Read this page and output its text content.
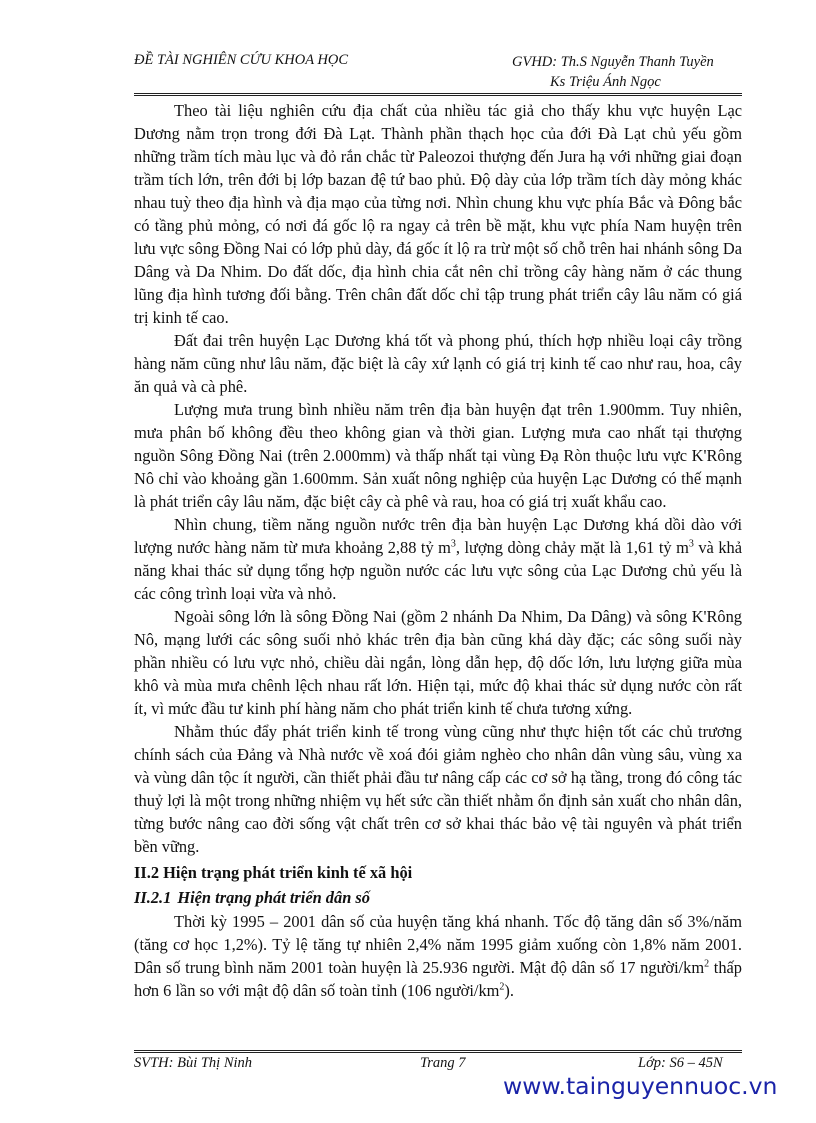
ĐỀ TÀI NGHIÊN CỨU KHOA HỌC	GVHD: Th.S Nguyễn Thanh Tuyền
Ks Triệu Ánh Ngọc

Theo tài liệu nghiên cứu địa chất của nhiều tác giả cho thấy khu vực huyện Lạc Dương nằm trọn trong đới Đà Lạt. Thành phần thạch học của đới Đà Lạt chủ yếu gồm những trầm tích màu lục và đỏ rắn chắc từ Paleozoi thượng đến Jura hạ với những giai đoạn trầm tích lớn, trên đới bị lớp bazan đệ tứ bao phủ. Độ dày của lớp trầm tích dày mỏng khác nhau tuỳ theo địa hình và địa mạo của từng nơi. Nhìn chung khu vực phía Bắc và Đông bắc có tầng phủ mỏng, có nơi đá gốc lộ ra ngay cả trên bề mặt, khu vực phía Nam huyện trên lưu vực sông Đồng Nai có lớp phủ dày, đá gốc ít lộ ra trừ một số chỗ trên hai nhánh sông Da Dâng và Da Nhim. Do đất dốc, địa hình chia cắt nên chỉ trồng cây hàng năm ở các thung lũng địa hình tương đối bằng. Trên chân đất dốc chỉ tập trung phát triển cây lâu năm có giá trị kinh tế cao.

Đất đai trên huyện Lạc Dương khá tốt và phong phú, thích hợp nhiều loại cây trồng hàng năm cũng như lâu năm, đặc biệt là cây xứ lạnh có giá trị kinh tế cao như rau, hoa, cây ăn quả và cà phê.

Lượng mưa trung bình nhiều năm trên địa bàn huyện đạt trên 1.900mm. Tuy nhiên, mưa phân bố không đều theo không gian và thời gian. Lượng mưa cao nhất tại thượng nguồn Sông Đồng Nai (trên 2.000mm) và thấp nhất tại vùng Đạ Ròn thuộc lưu vực K'Rông Nô chỉ vào khoảng gần 1.600mm. Sản xuất nông nghiệp của huyện Lạc Dương có thế mạnh là phát triển cây lâu năm, đặc biệt cây cà phê và rau, hoa có giá trị xuất khẩu cao.

Nhìn chung, tiềm năng nguồn nước trên địa bàn huyện Lạc Dương khá dồi dào với lượng nước hàng năm từ mưa khoảng 2,88 tỷ $m^3$, lượng dòng chảy mặt là 1,61 tỷ $m^3$ và khả năng khai thác sử dụng tổng hợp nguồn nước các lưu vực sông của Lạc Dương chủ yếu là các công trình loại vừa và nhỏ.

Ngoài sông lớn là sông Đồng Nai (gồm 2 nhánh Da Nhim, Da Dâng) và sông K'Rông Nô, mạng lưới các sông suối nhỏ khác trên địa bàn cũng khá dày đặc; các sông suối này phần nhiều có lưu vực nhỏ, chiều dài ngắn, lòng dẫn hẹp, độ dốc lớn, lưu lượng giữa mùa khô và mùa mưa chênh lệch nhau rất lớn. Hiện tại, mức độ khai thác sử dụng nước còn rất ít, vì mức đầu tư kinh phí hàng năm cho phát triển kinh tế chưa tương xứng.

Nhằm thúc đẩy phát triển kinh tế trong vùng cũng như thực hiện tốt các chủ trương chính sách của Đảng và Nhà nước về xoá đói giảm nghèo cho nhân dân vùng sâu, vùng xa và vùng dân tộc ít người, cần thiết phải đầu tư nâng cấp các cơ sở hạ tầng, trong đó công tác thuỷ lợi là một trong những nhiệm vụ hết sức cần thiết nhằm ổn định sản xuất cho nhân dân, từng bước nâng cao đời sống vật chất trên cơ sở khai thác bảo vệ tài nguyên và phát triển bền vững.

II.2 Hiện trạng phát triển kinh tế xã hội
II.2.1 Hiện trạng phát triển dân số

Thời kỳ 1995 – 2001 dân số của huyện tăng khá nhanh. Tốc độ tăng dân số 3%/năm (tăng cơ học 1,2%). Tỷ lệ tăng tự nhiên 2,4% năm 1995 giảm xuống còn 1,8% năm 2001. Dân số trung bình năm 2001 toàn huyện là 25.936 người. Mật độ dân số 17 người/$km^2$ thấp hơn 6 lần so với mật độ dân số toàn tỉnh (106 người/$km^2$).

SVTH: Bùi Thị Ninh	Trang 7	Lớp: S6 – 45N
www.tainguyennuoc.vn
